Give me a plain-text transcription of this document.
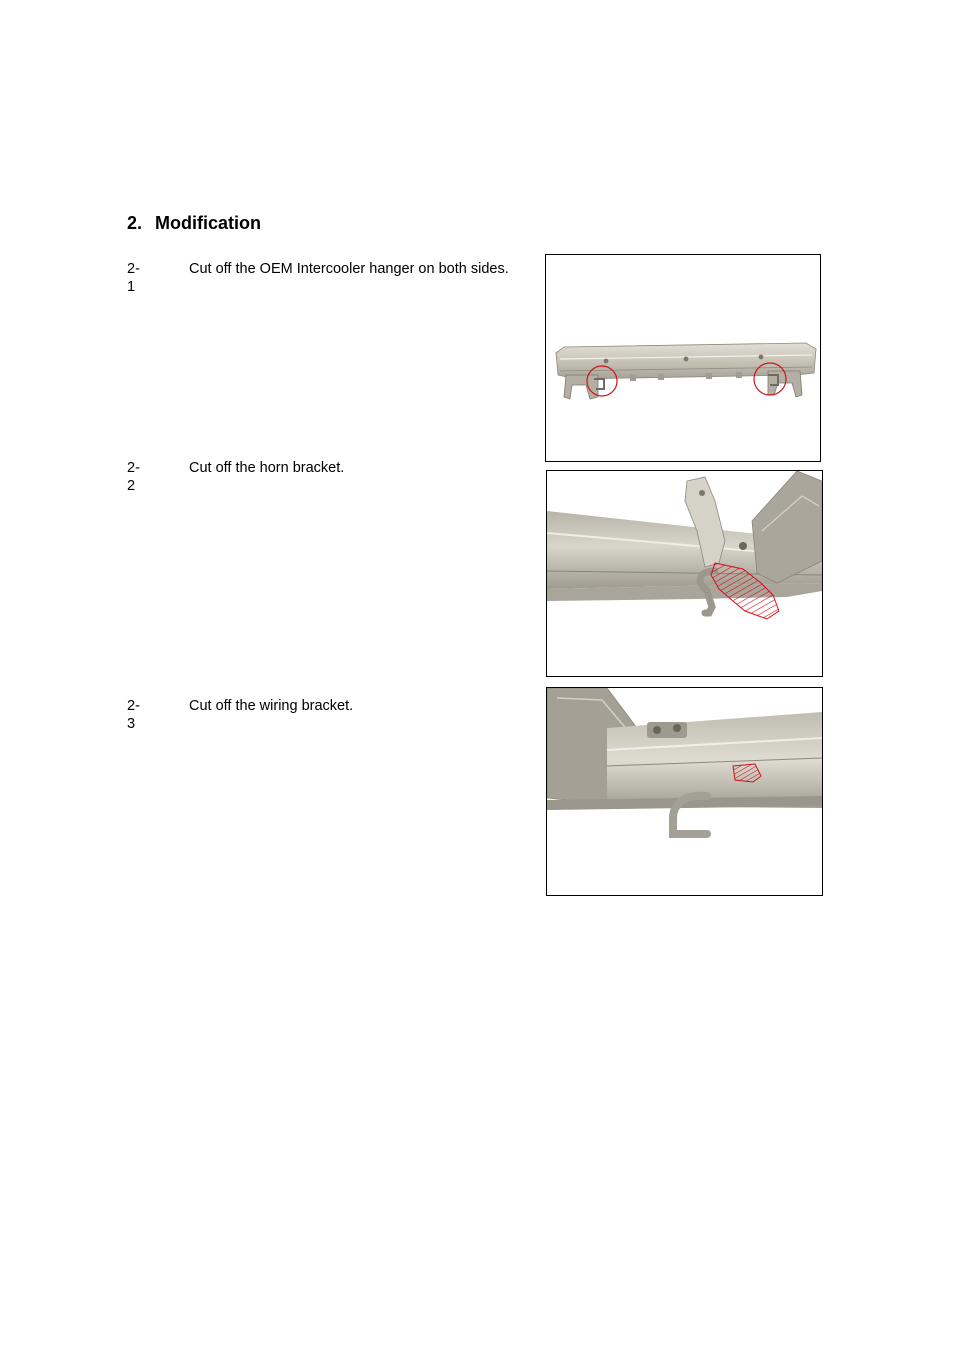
2. Modification
2-1
Cut off the OEM Intercooler hanger on both sides.
2-2
Cut off the horn bracket.
2-3
Cut off the wiring bracket.
